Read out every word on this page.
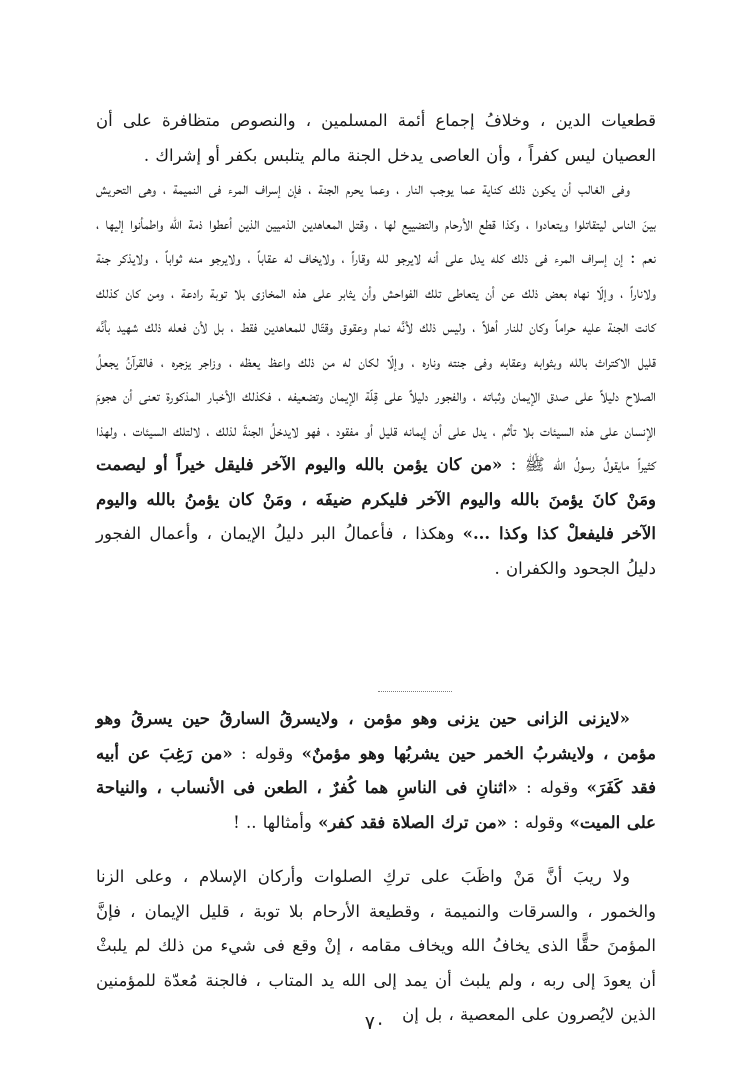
قطعيات الدين ، وخلافُ إجماع أئمة المسلمين ، والنصوص متظافرة على أن العصيان ليس كفراً ، وأن العاصى يدخل الجنة مالم يتلبس بكفر أو إشراك .

وفى الغالب أن يكون ذلك كناية عما يوجب النار ، وعما يحرم الجنة ، فإن إسراف المرء فى النميمة ، وهى التحريش بينَ الناس ليتقاتلوا ويتعادوا ، وكذا قطع الأرحام والتضييع لها ، وقتل المعاهدين الذميين الذين أعطوا ذمة الله واطمأنوا إليها ، نعم : إن إسراف المرء فى ذلك كله يدل على أنه لايرجو لله وقاراً ، ولايخاف له عقاباً ، ولايرجو منه ثواباً ، ولايذكر جنة ولاناراً ، وإلّا نهاه بعض ذلك عن أن يتعاطى تلك الفواحش وأن يثابر على هذه المخازى بلا توبة رادعة ، ومن كان كذلك كانت الجنة عليه حراماً وكان للنار أهلاً ، وليس ذلك لأنَّه نمام وعقوق وقتّال للمعاهدين فقط ، بل لأن فعله ذلك شهيد بأنَّه قليل الاكتراث بالله وبثوابه وعقابه وفى جنته وناره ، وإلّا لكان له من ذلك واعظ يعظه ، وزاجر يزجره ، فالقرآنُ يجعلُ الصلاح دليلاً على صدق الإيمان وثباته ، والفجور دليلاً على قِلّة الإيمان وتضعيفه ، فكذلك الأخبار المذكورة تعنى أن هجومَ الإنسان على هذه السيئات بلا تأثم ، يدل على أن إيمانه قليل أو مفقود ، فهو لايدخلُ الجنةَ لذلك ، لالتلك السيئات ، ولهذا كثيراً مايقولُ رسولُ الله ﷺ : «من كان يؤمن بالله واليوم الآخر فليقل خيراً أو ليصمت ومَنْ كانَ يؤمنَ بالله واليوم الآخر فليكرم ضيفَه ، ومَنْ كان يؤمنُ بالله واليوم الآخر فليفعلْ كذا وكذا ...» وهكذا ، فأعمالُ البر دليلُ الإيمان ، وأعمال الفجور دليلُ الجحود والكفران .

«لايزنى الزانى حين يزنى وهو مؤمن ، ولايسرقُ السارقُ حين يسرقُ وهو مؤمن ، ولايشربُ الخمر حين يشربُها وهو مؤمنٌ» وقوله : «من رَغِبَ عن أبيه فقد كَفَرَ» وقوله : «اثنانِ فى الناسِ هما كُفرٌ ، الطعن فى الأنساب ، والنياحة على الميت» وقوله : «من ترك الصلاة فقد كفر» وأمثالها .. !

ولا ريبَ أنَّ مَنْ واظَبَ على تركِ الصلوات وأركان الإسلام ، وعلى الزنا والخمور ، والسرقات والنميمة ، وقطيعة الأرحام بلا توبة ، قليل الإيمان ، فإنَّ المؤمنَ حقًّا الذى يخافُ الله ويخاف مقامه ، إنْ وقع فى شيء من ذلك لم يلبثْ أن يعودَ إلى ربه ، ولم يلبث أن يمد إلى الله يد المتاب ، فالجنة مُعدّة للمؤمنين الذين لايُصرون على المعصية ، بل إن

٧٠
